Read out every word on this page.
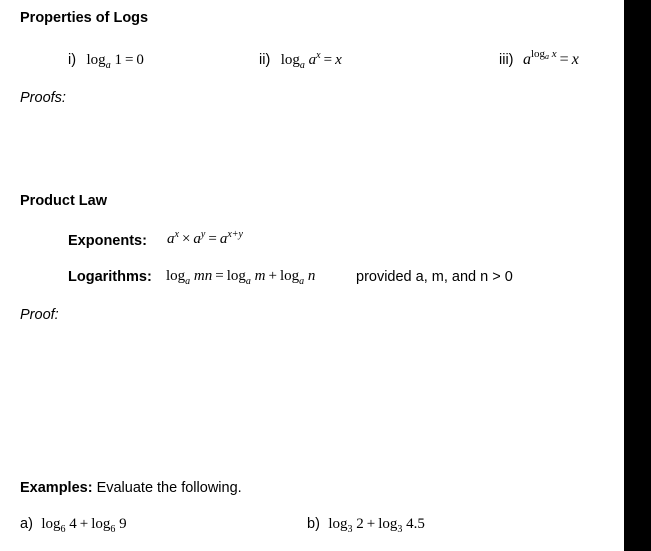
Properties of Logs
i) $\log_a 1 = 0$	ii) $\log_a a^x = x$	iii) $a^{log_a x} = x$
Proofs:
Product Law
Exponents: $a^x \times a^y = a^{x+y}$
Logarithms: $\log_a$ mn = $\log_a m + \log_a n$	provided a, m, and n > 0
Proof:
Examples: Evaluate the following.
a) $\log_6 4 + \log_6 9$	b) $\log_3 2 + \log_3 4.5$
